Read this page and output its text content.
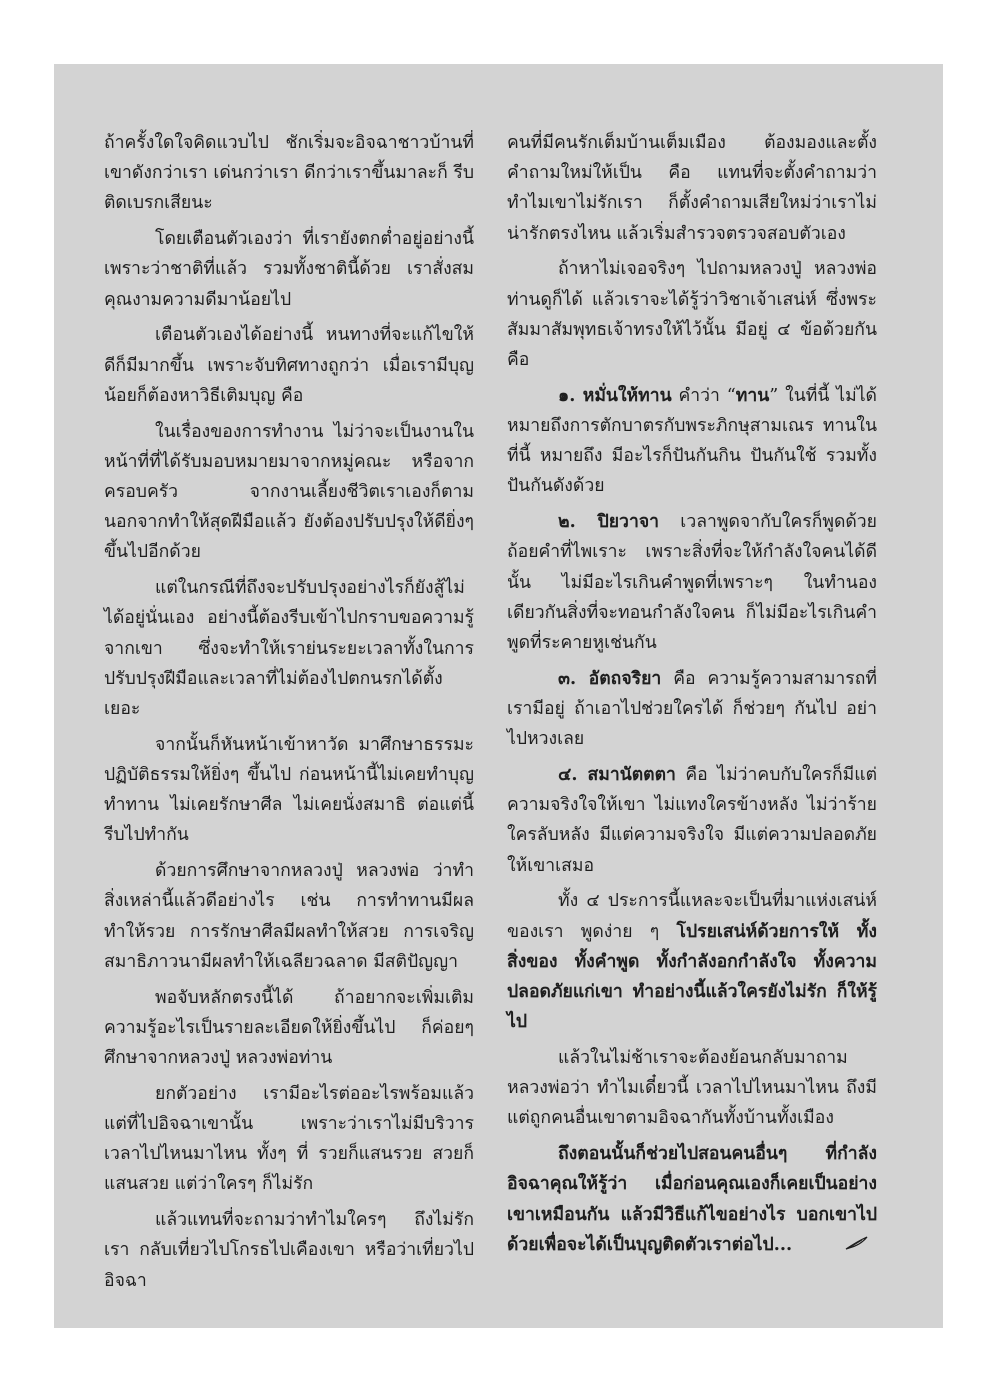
ถ้าครั้งใดใจคิดแวบไป ชักเริ่มจะอิจฉาชาวบ้านที่เขาดังกว่าเรา เด่นกว่าเรา ดีกว่าเราขึ้นมาละก็ รีบติดเบรกเสียนะ

โดยเตือนตัวเองว่า ที่เรายังตกต่ำอยู่อย่างนี้ เพราะว่าชาติที่แล้ว รวมทั้งชาตินี้ด้วย เราสั่งสมคุณงามความดีมาน้อยไป

เตือนตัวเองได้อย่างนี้ หนทางที่จะแก้ไขให้ดีก็มีมากขึ้น เพราะจับทิศทางถูกว่า เมื่อเรามีบุญน้อยก็ต้องหาวิธีเติมบุญ คือ

ในเรื่องของการทำงาน ไม่ว่าจะเป็นงานในหน้าที่ที่ได้รับมอบหมายมาจากหมู่คณะ หรือจากครอบครัว จากงานเลี้ยงชีวิตเราเองก็ตาม นอกจากทำให้สุดฝีมือแล้ว ยังต้องปรับปรุงให้ดียิ่งๆ ขึ้นไปอีกด้วย

แต่ในกรณีที่ถึงจะปรับปรุงอย่างไรก็ยังสู้ไม่ได้อยู่นั่นเอง อย่างนี้ต้องรีบเข้าไปกราบขอความรู้จากเขา ซึ่งจะทำให้เราย่นระยะเวลาทั้งในการปรับปรุงฝีมือและเวลาที่ไม่ต้องไปตกนรกได้ตั้งเยอะ

จากนั้นก็หันหน้าเข้าหาวัด มาศึกษาธรรมะ ปฏิบัติธรรมให้ยิ่งๆ ขึ้นไป ก่อนหน้านี้ไม่เคยทำบุญทำทาน ไม่เคยรักษาศีล ไม่เคยนั่งสมาธิ ต่อแต่นี้รีบไปทำกัน

ด้วยการศึกษาจากหลวงปู่ หลวงพ่อ ว่าทำสิ่งเหล่านี้แล้วดีอย่างไร เช่น การทำทานมีผลทำให้รวย การรักษาศีลมีผลทำให้สวย การเจริญสมาธิภาวนามีผลทำให้เฉลียวฉลาด มีสติปัญญา

พอจับหลักตรงนี้ได้ ถ้าอยากจะเพิ่มเติมความรู้อะไรเป็นรายละเอียดให้ยิ่งขึ้นไป ก็ค่อยๆ ศึกษาจากหลวงปู่ หลวงพ่อท่าน

ยกตัวอย่าง เรามีอะไรต่ออะไรพร้อมแล้วแต่ที่ไปอิจฉาเขานั้น เพราะว่าเราไม่มีบริวาร เวลาไปไหนมาไหน ทั้งๆ ที่ รวยก็แสนรวย สวยก็แสนสวย แต่ว่าใครๆ ก็ไม่รัก

แล้วแทนที่จะถามว่าทำไมใครๆ ถึงไม่รักเรา กลับเที่ยวไปโกรธไปเคืองเขา หรือว่าเที่ยวไปอิจฉา

คนที่มีคนรักเต็มบ้านเต็มเมือง ต้องมองและตั้งคำถามใหม่ให้เป็น คือ แทนที่จะตั้งคำถามว่าทำไมเขาไม่รักเรา ก็ตั้งคำถามเสียใหม่ว่าเราไม่น่ารักตรงไหน แล้วเริ่มสำรวจตรวจสอบตัวเอง

ถ้าหาไม่เจอจริงๆ ไปถามหลวงปู่ หลวงพ่อท่านดูก็ได้ แล้วเราจะได้รู้ว่าวิชาเจ้าเสน่ห์ ซึ่งพระสัมมาสัมพุทธเจ้าทรงให้ไว้นั้น มีอยู่ ๔ ข้อด้วยกัน คือ

๑. หมั่นให้ทาน คำว่า “ทาน” ในที่นี้ ไม่ได้หมายถึงการตักบาตรกับพระภิกษุสามเณร ทานในที่นี้ หมายถึง มีอะไรก็ปันกันกิน ปันกันใช้ รวมทั้งปันกันดังด้วย

๒. ปิยวาจา เวลาพูดจากับใครก็พูดด้วยถ้อยคำที่ไพเราะ เพราะสิ่งที่จะให้กำลังใจคนได้ดีนั้น ไม่มีอะไรเกินคำพูดที่เพราะๆ ในทำนองเดียวกันสิ่งที่จะทอนกำลังใจคน ก็ไม่มีอะไรเกินคำพูดที่ระคายหูเช่นกัน

๓. อัตถจริยา คือ ความรู้ความสามารถที่เรามีอยู่ ถ้าเอาไปช่วยใครได้ ก็ช่วยๆ กันไป อย่าไปหวงเลย

๔. สมานัตตตา คือ ไม่ว่าคบกับใครก็มีแต่ความจริงใจให้เขา ไม่แทงใครข้างหลัง ไม่ว่าร้ายใครลับหลัง มีแต่ความจริงใจ มีแต่ความปลอดภัยให้เขาเสมอ

ทั้ง ๔ ประการนี้แหละจะเป็นที่มาแห่งเสน่ห์ของเรา พูดง่าย ๆ โปรยเสน่ห์ด้วยการให้ ทั้งสิ่งของ ทั้งคำพูด ทั้งกำลังอกกำลังใจ ทั้งความปลอดภัยแก่เขา ทำอย่างนี้แล้วใครยังไม่รัก ก็ให้รู้ไป

แล้วในไม่ช้าเราจะต้องย้อนกลับมาถามหลวงพ่อว่า ทำไมเดี๋ยวนี้ เวลาไปไหนมาไหน ถึงมีแต่ถูกคนอื่นเขาตามอิจฉากันทั้งบ้านทั้งเมือง

ถึงตอนนั้นก็ช่วยไปสอนคนอื่นๆ ที่กำลังอิจฉาคุณให้รู้ว่า เมื่อก่อนคุณเองก็เคยเป็นอย่างเขาเหมือนกัน แล้วมีวิธีแก้ไขอย่างไร บอกเขาไปด้วยเพื่อจะได้เป็นบุญติดตัวเราต่อไป...
